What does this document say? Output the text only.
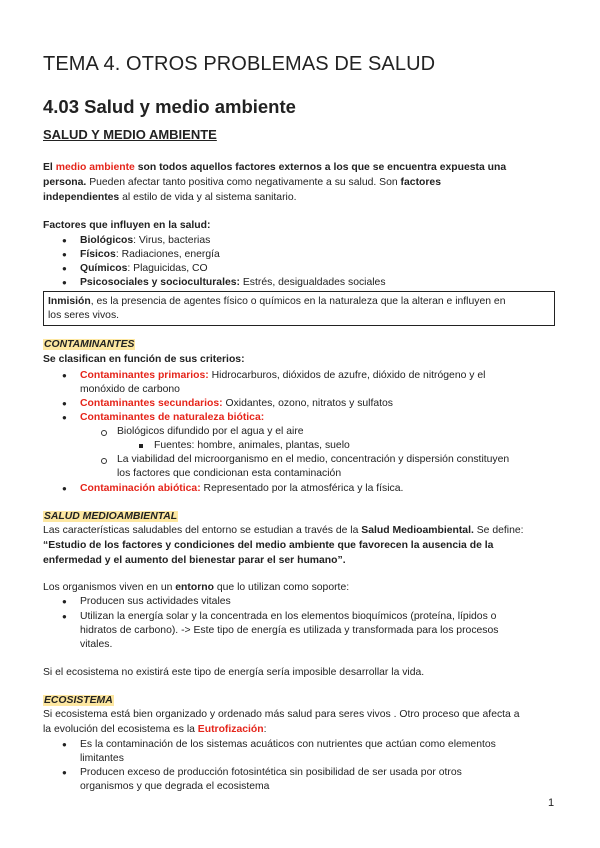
TEMA 4. OTROS PROBLEMAS DE SALUD
4.03 Salud y medio ambiente
SALUD Y MEDIO AMBIENTE
El medio ambiente son todos aquellos factores externos a los que se encuentra expuesta una
persona. Pueden afectar tanto positiva como negativamente a su salud. Son factores
independientes al estilo de vida y al sistema sanitario.
Factores que influyen en la salud:
● Biológicos: Virus, bacterias
● Físicos: Radiaciones, energía
● Químicos: Plaguicidas, CO
● Psicosociales y socioculturales: Estrés, desigualdades sociales
Inmisión, es la presencia de agentes físico o químicos en la naturaleza que la alteran e influyen en
los seres vivos.
CONTAMINANTES
Se clasifican en función de sus criterios:
● Contaminantes primarios: Hidrocarburos, dióxidos de azufre, dióxido de nitrógeno y el
monóxido de carbono
● Contaminantes secundarios: Oxidantes, ozono, nitratos y sulfatos
● Contaminantes de naturaleza biótica:
Biológicos difundido por el agua y el aire
Fuentes: hombre, animales, plantas, suelo
La viabilidad del microorganismo en el medio, concentración y dispersión constituyen
los factores que condicionan esta contaminación
● Contaminación abiótica: Representado por la atmosférica y la física.
SALUD MEDIOAMBIENTAL
Las características saludables del entorno se estudian a través de la Salud Medioambiental. Se define:
“Estudio de los factores y condiciones del medio ambiente que favorecen la ausencia de la
enfermedad y el aumento del bienestar parar el ser humano”.
Los organismos viven en un entorno que lo utilizan como soporte:
● Producen sus actividades vitales
● Utilizan la energía solar y la concentrada en los elementos bioquímicos (proteína, lípidos o
hidratos de carbono). -> Este tipo de energía es utilizada y transformada para los procesos
vitales.
Si el ecosistema no existirá este tipo de energía sería imposible desarrollar la vida.
ECOSISTEMA
Si ecosistema está bien organizado y ordenado más salud para seres vivos . Otro proceso que afecta a
la evolución del ecosistema es la Eutrofización:
● Es la contaminación de los sistemas acuáticos con nutrientes que actúan como elementos
limitantes
● Producen exceso de producción fotosintética sin posibilidad de ser usada por otros
organismos y que degrada el ecosistema
1
